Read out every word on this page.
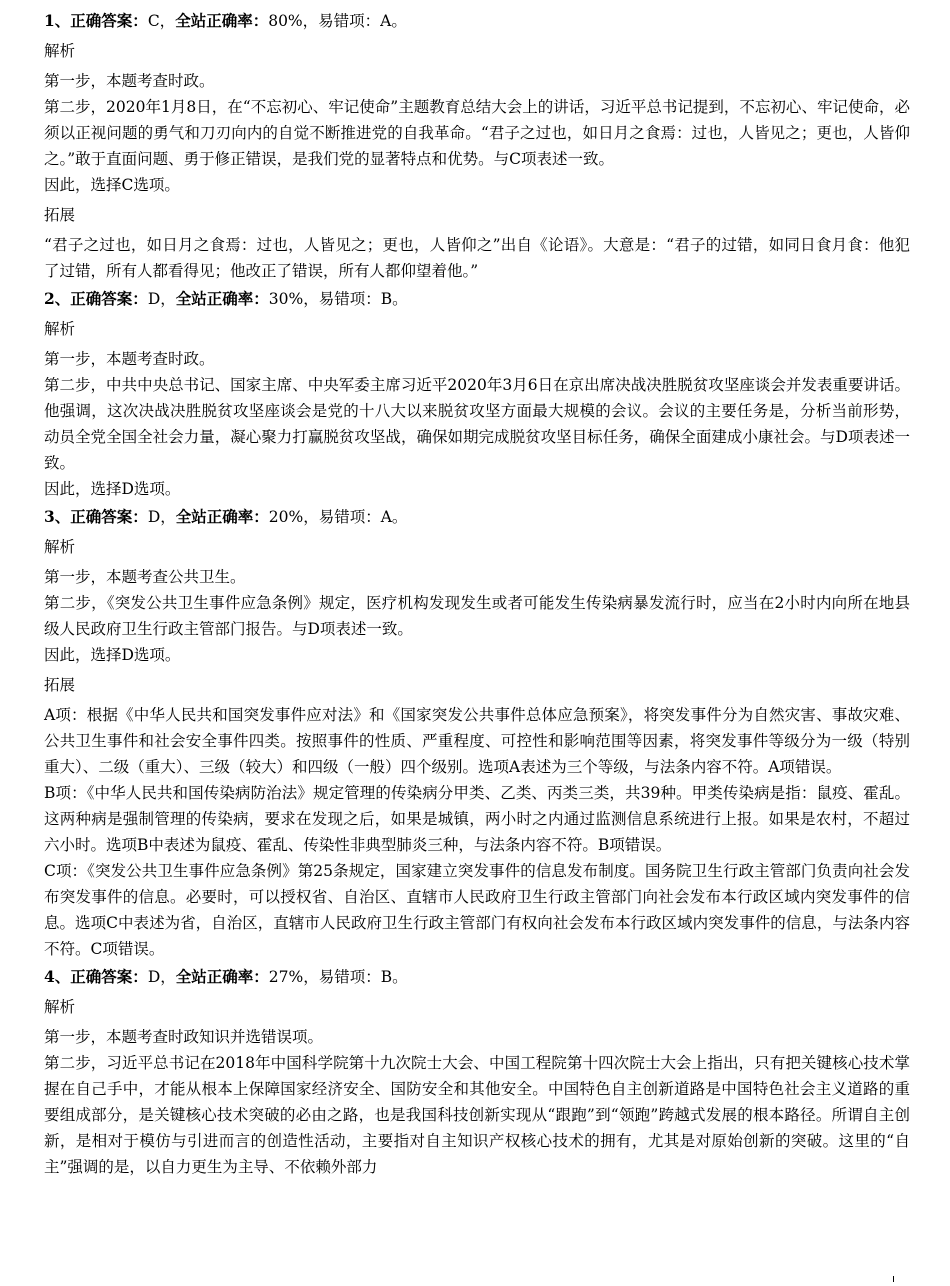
1、正确答案：C，全站正确率：80%，易错项：A。
解析

第一步，本题考查时政。

第二步，2020年1月8日，在“不忘初心、牢记使命”主题教育总结大会上的讲话，习近平总书记提到，不忘初心、牢记使命，必须以正视问题的勇气和刀刃向内的自觉不断推进党的自我革命。“君子之过也，如日月之食焉：过也，人皆见之；更也，人皆仰之。”敢于直面问题、勇于修正错误，是我们党的显著特点和优势。与C项表述一致。

因此，选择C选项。

拓展

“君子之过也，如日月之食焉：过也，人皆见之；更也，人皆仰之”出自《论语》。大意是：“君子的过错，如同日食月食：他犯了过错，所有人都看得见；他改正了错误，所有人都仰望着他。”

2、正确答案：D，全站正确率：30%，易错项：B。
解析

第一步，本题考查时政。

第二步，中共中央总书记、国家主席、中央军委主席习近平2020年3月6日在京出席决战决胜脱贫攻坚座谈会并发表重要讲话。他强调，这次决战决胜脱贫攻坚座谈会是党的十八大以来脱贫攻坚方面最大规模的会议。会议的主要任务是，分析当前形势，动员全党全国全社会力量，凝心聚力打赢脱贫攻坚战，确保如期完成脱贫攻坚目标任务，确保全面建成小康社会。与D项表述一致。

因此，选择D选项。

3、正确答案：D，全站正确率：20%，易错项：A。
解析

第一步，本题考查公共卫生。

第二步，《突发公共卫生事件应急条例》规定，医疗机构发现发生或者可能发生传染病暴发流行时，应当在2小时内向所在地县级人民政府卫生行政主管部门报告。与D项表述一致。

因此，选择D选项。

拓展

A项：根据《中华人民共和国突发事件应对法》和《国家突发公共事件总体应急预案》，将突发事件分为自然灾害、事故灾难、公共卫生事件和社会安全事件四类。按照事件的性质、严重程度、可控性和影响范围等因素，将突发事件等级分为一级（特别重大）、二级（重大）、三级（较大）和四级（一般）四个级别。选项A表述为三个等级，与法条内容不符。A项错误。

B项：《中华人民共和国传染病防治法》规定管理的传染病分甲类、乙类、丙类三类，共39种。甲类传染病是指：鼠疫、霍乱。这两种病是强制管理的传染病，要求在发现之后，如果是城镇，两小时之内通过监测信息系统进行上报。如果是农村，不超过六小时。选项B中表述为鼠疫、霍乱、传染性非典型肺炎三种，与法条内容不符。B项错误。

C项：《突发公共卫生事件应急条例》第25条规定，国家建立突发事件的信息发布制度。国务院卫生行政主管部门负责向社会发布突发事件的信息。必要时，可以授权省、自治区、直辖市人民政府卫生行政主管部门向社会发布本行政区域内突发事件的信息。选项C中表述为省，自治区，直辖市人民政府卫生行政主管部门有权向社会发布本行政区域内突发事件的信息，与法条内容不符。C项错误。

4、正确答案：D，全站正确率：27%，易错项：B。
解析

第一步，本题考查时政知识并选错误项。

第二步，习近平总书记在2018年中国科学院第十九次院士大会、中国工程院第十四次院士大会上指出，只有把关键核心技术掌握在自己手中，才能从根本上保障国家经济安全、国防安全和其他安全。中国特色自主创新道路是中国特色社会主义道路的重要组成部分，是关键核心技术突破的必由之路，也是我国科技创新实现从“跟跑”到“领跑”跨越式发展的根本路径。所谓自主创新，是相对于模仿与引进而言的创造性活动，主要指对自主知识产权核心技术的拥有，尤其是对原始创新的突破。这里的“自主”强调的是，以自力更生为主导、不依赖外部力
